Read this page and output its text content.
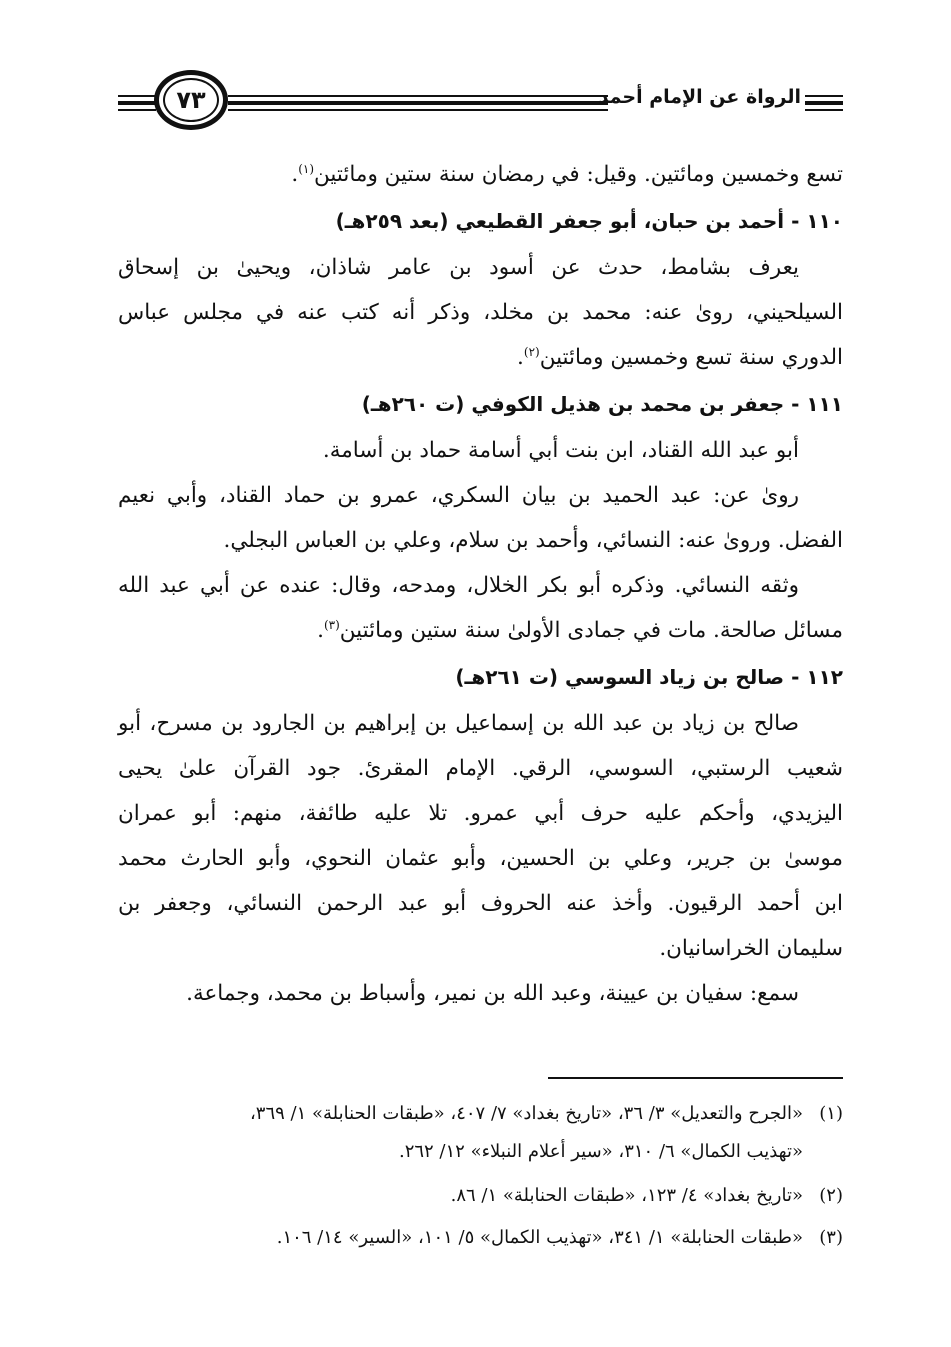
٧٣	الرواة عن الإمام أحمد
تسع وخمسين ومائتين. وقيل: في رمضان سنة ستين ومائتين$^{(١)}$.
١١٠ - أحمد بن حبان، أبو جعفر القطيعي (بعد ٢٥٩هـ)
يعرف بشامط، حدث عن أسود بن عامر شاذان، ويحيىٰ بن إسحاق
السيلحيني، روىٰ عنه: محمد بن مخلد، وذكر أنه كتب عنه في مجلس عباس
الدوري سنة تسع وخمسين ومائتين$^{(٢)}$.
١١١ - جعفر بن محمد بن هذيل الكوفي (ت ٢٦٠هـ)
أبو عبد الله القناد، ابن بنت أبي أسامة حماد بن أسامة.
روىٰ عن: عبد الحميد بن بيان السكري، عمرو بن حماد القناد، وأبي نعيم
الفضل. وروىٰ عنه: النسائي، وأحمد بن سلام، وعلي بن العباس البجلي.
وثقه النسائي. وذكره أبو بكر الخلال، ومدحه، وقال: عنده عن أبي عبد الله
مسائل صالحة. مات في جمادى الأولىٰ سنة ستين ومائتين$^{(٣)}$.
١١٢ - صالح بن زياد السوسي (ت ٢٦١هـ)
صالح بن زياد بن عبد الله بن إسماعيل بن إبراهيم بن الجارود بن مسرح، أبو
شعيب الرستبي، السوسي، الرقي. الإمام المقرئ. جود القرآن علىٰ يحيى
اليزيدي، وأحكم عليه حرف أبي عمرو. تلا عليه طائفة، منهم: أبو عمران
موسىٰ بن جرير، وعلي بن الحسين، وأبو عثمان النحوي، وأبو الحارث محمد
ابن أحمد الرقيون. وأخذ عنه الحروف أبو عبد الرحمن النسائي، وجعفر بن
سليمان الخراسانيان.
سمع: سفيان بن عيينة، وعبد الله بن نمير، وأسباط بن محمد، وجماعة.
(١)«الجرح والتعديل» ٣/ ٣٦، «تاريخ بغداد» ٧/ ٤٠٧، «طبقات الحنابلة» ١/ ٣٦٩،
«تهذيب الكمال» ٦/ ٣١٠، «سير أعلام النبلاء» ١٢/ ٢٦٢.
(٢)«تاريخ بغداد» ٤/ ١٢٣، «طبقات الحنابلة» ١/ ٨٦.
(٣)«طبقات الحنابلة» ١/ ٣٤١، «تهذيب الكمال» ٥/ ١٠١، «السير» ١٤/ ١٠٦.
